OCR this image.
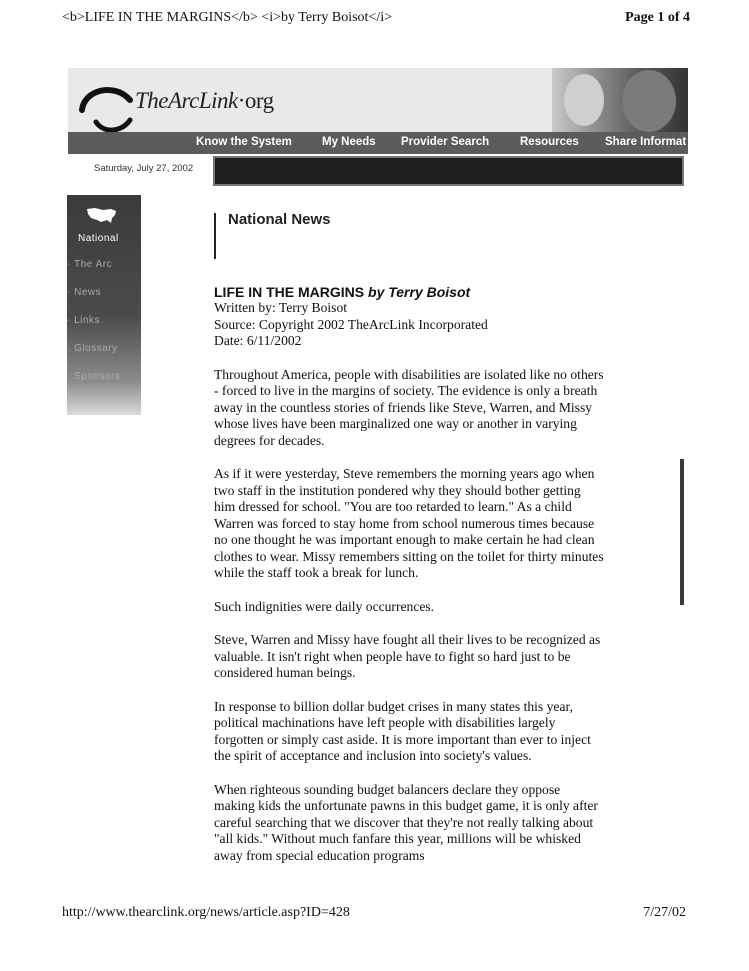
<b>LIFE IN THE MARGINS</b> <i>by Terry Boisot</i>	Page 1 of 4
TheArcLink·org
Know the System	My Needs Provider Search	Resources Share Informat
Saturday, July 27, 2002
National
- The Arc
- News
- Links
- Glossary
- Sponsors
National News

LIFE IN THE MARGINS by Terry Boisot

Written by: Terry Boisot

Source: Copyright 2002 TheArcLink Incorporated

Date: 6/11/2002

Throughout America, people with disabilities are isolated like no others - forced to live in the margins of society. The evidence is only a breath away in the countless stories of friends like Steve, Warren, and Missy whose lives have been marginalized one way or another in varying degrees for decades.

As if it were yesterday, Steve remembers the morning years ago when two staff in the institution pondered why they should bother getting him dressed for school. "You are too retarded to learn." As a child Warren was forced to stay home from school numerous times because no one thought he was important enough to make certain he had clean clothes to wear. Missy remembers sitting on the toilet for thirty minutes while the staff took a break for lunch.

Such indignities were daily occurrences.

Steve, Warren and Missy have fought all their lives to be recognized as valuable. It isn't right when people have to fight so hard just to be considered human beings.

In response to billion dollar budget crises in many states this year, political machinations have left people with disabilities largely forgotten or simply cast aside. It is more important than ever to inject the spirit of acceptance and inclusion into society's values.

When righteous sounding budget balancers declare they oppose making kids the unfortunate pawns in this budget game, it is only after careful searching that we discover that they're not really talking about "all kids." Without much fanfare this year, millions will be whisked away from special education programs

http://www.thearclink.org/news/article.asp?ID=428	7/27/02
